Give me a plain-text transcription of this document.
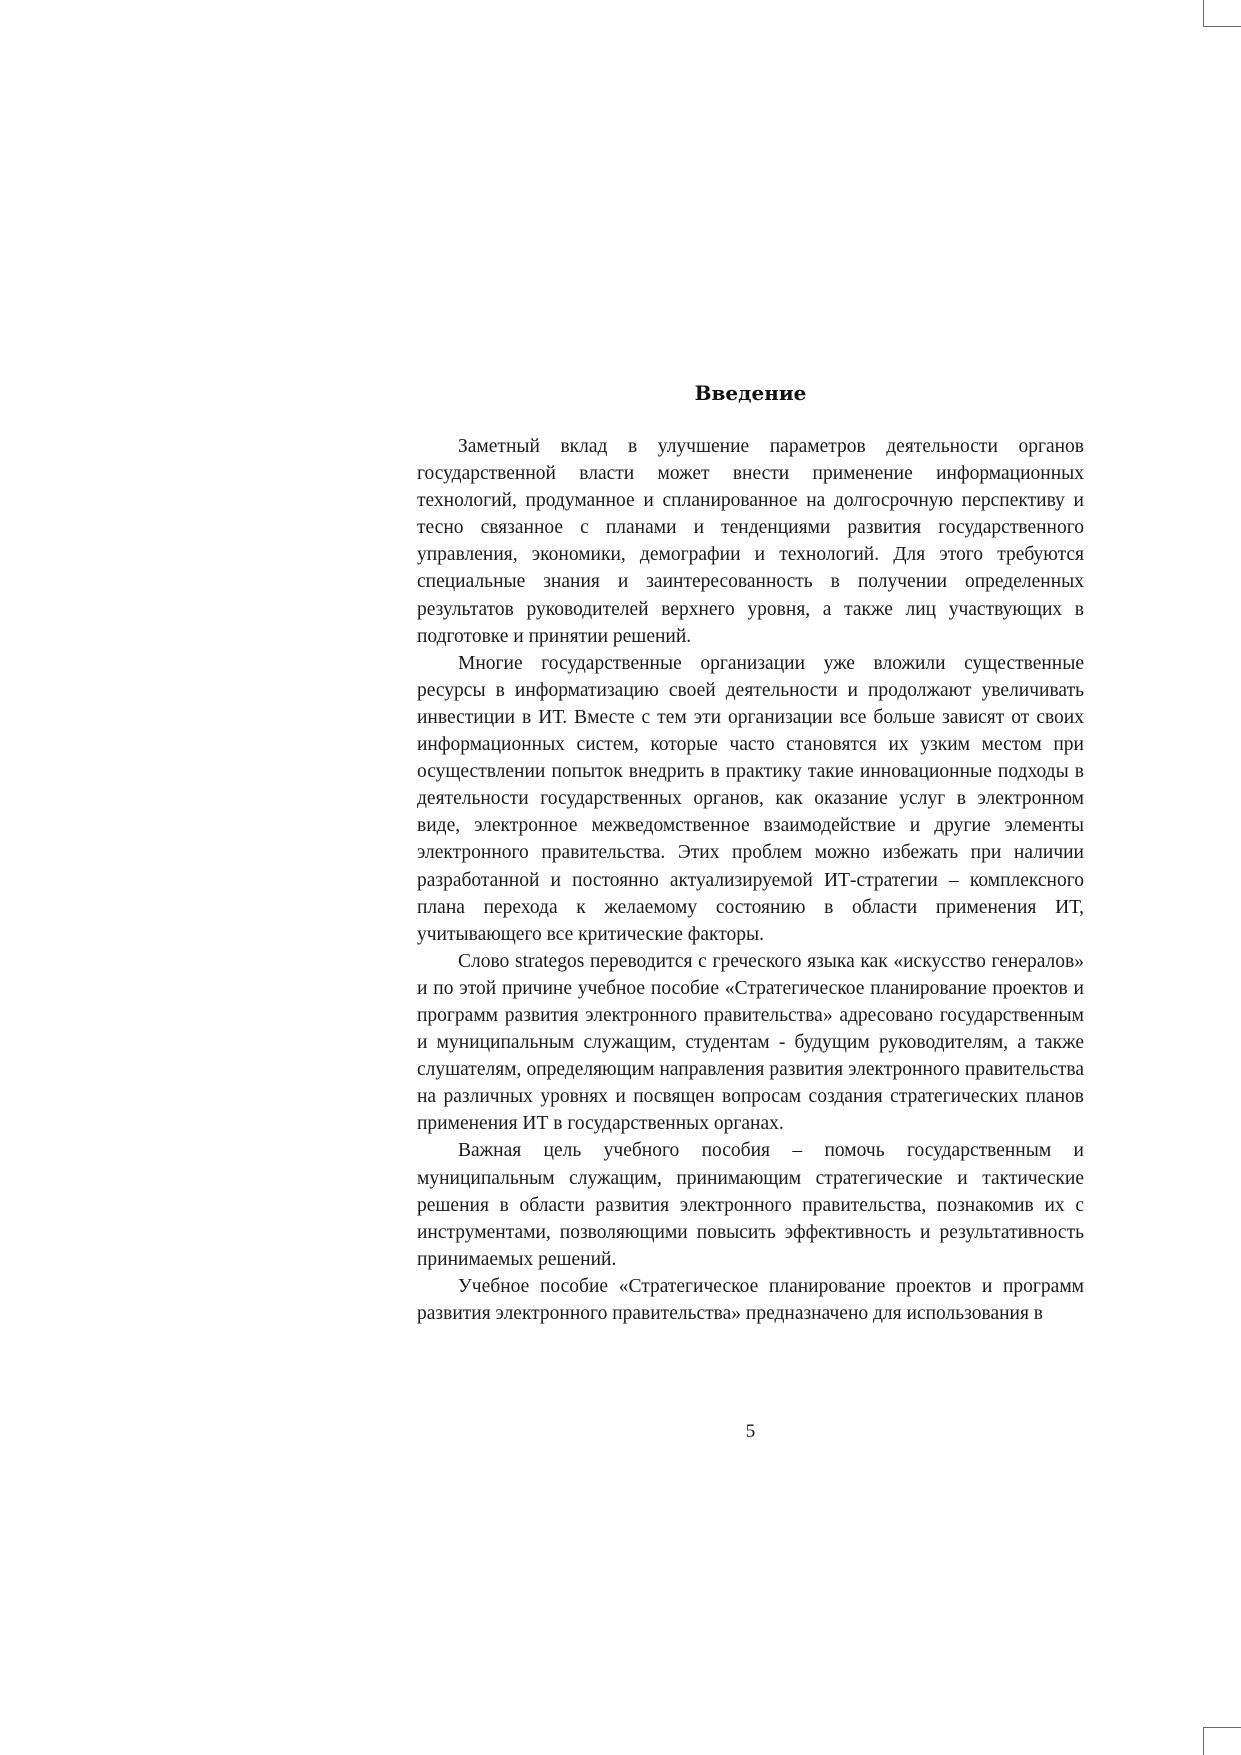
Введение

Заметный вклад в улучшение параметров деятельности органов государственной власти может внести применение информационных технологий, продуманное и спланированное на долгосрочную перспективу и тесно связанное с планами и тенденциями развития государственного управления, экономики, демографии и технологий. Для этого требуются специальные знания и заинтересованность в получении определенных результатов руководителей верхнего уровня, а также лиц участвующих в подготовке и принятии решений.

Многие государственные организации уже вложили существенные ресурсы в информатизацию своей деятельности и продолжают увеличивать инвестиции в ИТ. Вместе с тем эти организации все больше зависят от своих информационных систем, которые часто становятся их узким местом при осуществлении попыток внедрить в практику такие инновационные подходы в деятельности государственных органов, как оказание услуг в электронном виде, электронное межведомственное взаимодействие и другие элементы электронного правительства. Этих проблем можно избежать при наличии разработанной и постоянно актуализируемой ИТ-стратегии – комплексного плана перехода к желаемому состоянию в области применения ИТ, учитывающего все критические факторы.

Слово strategos переводится с греческого языка как «искусство генералов» и по этой причине учебное пособие «Стратегическое планирование проектов и программ развития электронного правительства» адресовано государственным и муниципальным служащим, студентам - будущим руководителям, а также слушателям, определяющим направления развития электронного правительства на различных уровнях и посвящен вопросам создания стратегических планов применения ИТ в государственных органах.

Важная цель учебного пособия – помочь государственным и муниципальным служащим, принимающим стратегические и тактические решения в области развития электронного правительства, познакомив их с инструментами, позволяющими повысить эффективность и результативность принимаемых решений.

Учебное пособие «Стратегическое планирование проектов и программ развития электронного правительства» предназначено для использования в

5
